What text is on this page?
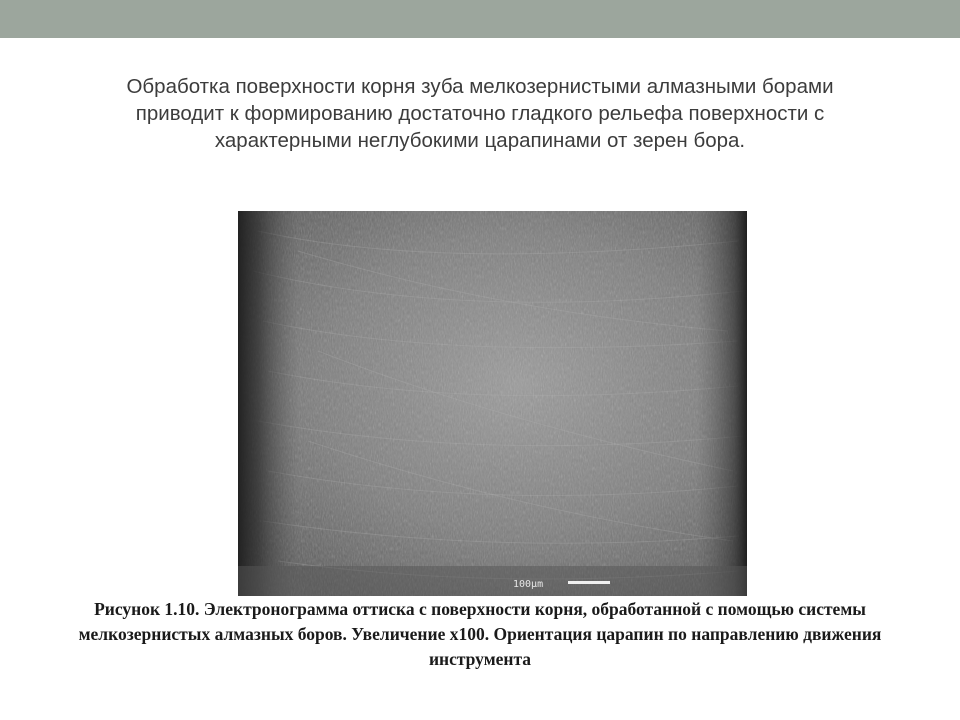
Обработка поверхности корня зуба мелкозернистыми алмазными борами
приводит к формированию достаточно гладкого рельефа поверхности с
характерными неглубокими царапинами от зерен бора.
100μm
Рисунок 1.10. Электронограмма оттиска с поверхности корня, обработанной с помощью системы
мелкозернистых алмазных боров. Увеличение x100. Ориентация царапин по направлению движения
инструмента
